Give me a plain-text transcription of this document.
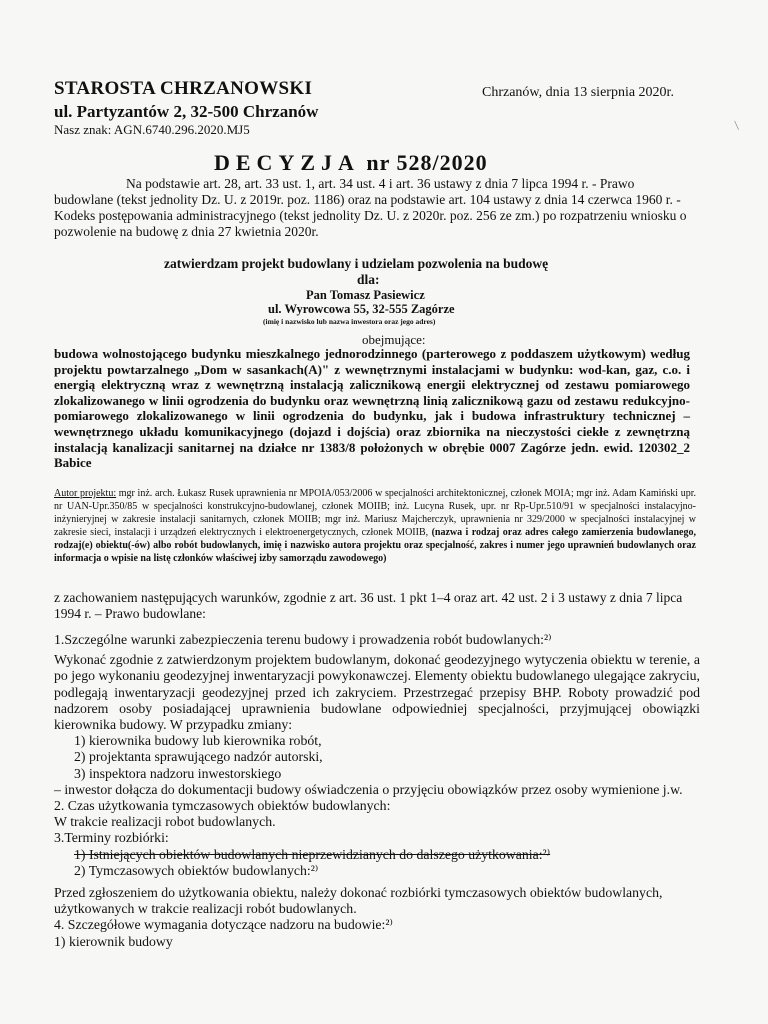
STAROSTA CHRZANOWSKI
ul. Partyzantów 2, 32-500 Chrzanów
Nasz znak: AGN.6740.296.2020.MJ5
Chrzanów, dnia 13 sierpnia 2020r.
DECYZJA nr 528/2020
Na podstawie art. 28, art. 33 ust. 1, art. 34 ust. 4 i art. 36 ustawy z dnia 7 lipca 1994 r. - Prawo budowlane (tekst jednolity Dz. U. z 2019r. poz. 1186) oraz na podstawie art. 104 ustawy z dnia 14 czerwca 1960 r. - Kodeks postępowania administracyjnego (tekst jednolity Dz. U. z 2020r. poz. 256 ze zm.) po rozpatrzeniu wniosku o pozwolenie na budowę z dnia 27 kwietnia 2020r.
zatwierdzam projekt budowlany i udzielam pozwolenia na budowę
dla:
Pan Tomasz Pasiewicz
ul. Wyrowcowa 55, 32-555 Zagórze
(imię i nazwisko lub nazwa inwestora oraz jego adres)
obejmujące:
budowa wolnostojącego budynku mieszkalnego jednorodzinnego (parterowego z poddaszem użytkowym) według projektu powtarzalnego „Dom w sasankach(A)" z wewnętrznymi instalacjami w budynku: wod-kan, gaz, c.o. i energią elektryczną wraz z wewnętrzną instalacją zalicznikową energii elektrycznej od zestawu pomiarowego zlokalizowanego w linii ogrodzenia do budynku oraz wewnętrzną linią zalicznikową gazu od zestawu redukcyjno-pomiarowego zlokalizowanego w linii ogrodzenia do budynku, jak i budowa infrastruktury technicznej – wewnętrznego układu komunikacyjnego (dojazd i dojścia) oraz zbiornika na nieczystości ciekłe z zewnętrzną instalacją kanalizacji sanitarnej na działce nr 1383/8 położonych w obrębie 0007 Zagórze jedn. ewid. 120302_2 Babice
Autor projektu: mgr inż. arch. Łukasz Rusek uprawnienia nr MPOIA/053/2006 w specjalności architektonicznej, członek MOIA; mgr inż. Adam Kamiński upr. nr UAN-Upr.350/85 w specjalności konstrukcyjno-budowlanej, członek MOIIB; inż. Lucyna Rusek, upr. nr Rp-Upr.510/91 w specjalności instalacyjno-inżynieryjnej w zakresie instalacji sanitarnych, członek MOIIB; mgr inż. Mariusz Majcherczyk, uprawnienia nr 329/2000 w specjalności instalacyjnej w zakresie sieci, instalacji i urządzeń elektrycznych i elektroenergetycznych, członek MOIIB, (nazwa i rodzaj oraz adres całego zamierzenia budowlanego, rodzaj(e) obiektu(-ów) albo robót budowlanych, imię i nazwisko autora projektu oraz specjalność, zakres i numer jego uprawnień budowlanych oraz informacja o wpisie na listę członków właściwej izby samorządu zawodowego)
z zachowaniem następujących warunków, zgodnie z art. 36 ust. 1 pkt 1–4 oraz art. 42 ust. 2 i 3 ustawy z dnia 7 lipca 1994 r. – Prawo budowlane:

1.Szczególne warunki zabezpieczenia terenu budowy i prowadzenia robót budowlanych:²⁾

Wykonać zgodnie z zatwierdzonym projektem budowlanym, dokonać geodezyjnego wytyczenia obiektu w terenie, a po jego wykonaniu geodezyjnej inwentaryzacji powykonawczej. Elementy obiektu budowlanego ulegające zakryciu, podlegają inwentaryzacji geodezyjnej przed ich zakryciem. Przestrzegać przepisy BHP. Roboty prowadzić pod nadzorem osoby posiadającej uprawnienia budowlane odpowiedniej specjalności, przyjmującej obowiązki kierownika budowy. W przypadku zmiany:

1) kierownika budowy lub kierownika robót,

2) projektanta sprawującego nadzór autorski,

3) inspektora nadzoru inwestorskiego

– inwestor dołącza do dokumentacji budowy oświadczenia o przyjęciu obowiązków przez osoby wymienione j.w.

2. Czas użytkowania tymczasowych obiektów budowlanych:

W trakcie realizacji robot budowlanych.

3.Terminy rozbiórki:

1) Istniejących obiektów budowlanych nieprzewidzianych do dalszego użytkowania:²⁾

2) Tymczasowych obiektów budowlanych:²⁾

Przed zgłoszeniem do użytkowania obiektu, należy dokonać rozbiórki tymczasowych obiektów budowlanych, użytkowanych w trakcie realizacji robót budowlanych.

4. Szczegółowe wymagania dotyczące nadzoru na budowie:²⁾

1) kierownik budowy

∕
